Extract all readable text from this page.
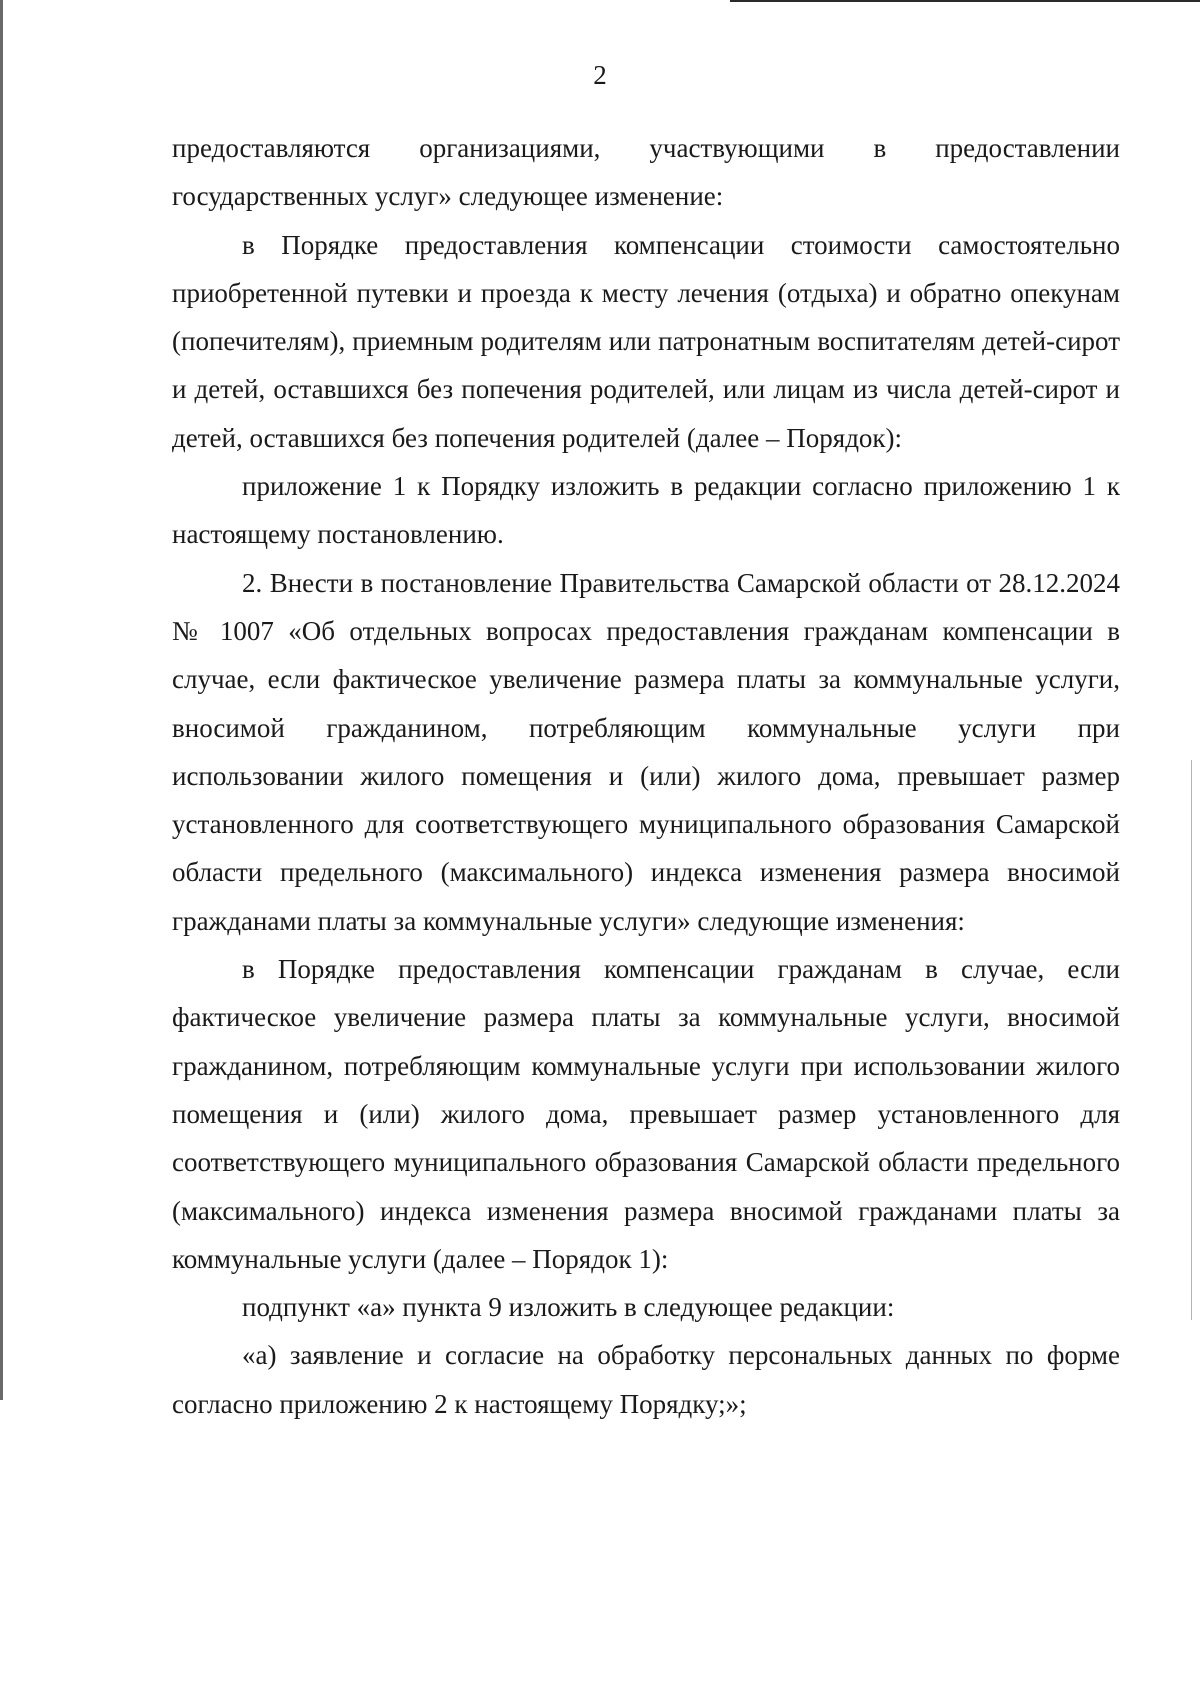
2

предоставляются организациями, участвующими в предоставлении государственных услуг» следующее изменение:

в Порядке предоставления компенсации стоимости самостоятельно приобретенной путевки и проезда к месту лечения (отдыха) и обратно опекунам (попечителям), приемным родителям или патронатным воспитателям детей-сирот и детей, оставшихся без попечения родителей, или лицам из числа детей-сирот и детей, оставшихся без попечения родителей (далее – Порядок):

приложение 1 к Порядку изложить в редакции согласно приложению 1 к настоящему постановлению.

2. Внести в постановление Правительства Самарской области от 28.12.2024 № 1007 «Об отдельных вопросах предоставления гражданам компенсации в случае, если фактическое увеличение размера платы за коммунальные услуги, вносимой гражданином, потребляющим коммунальные услуги при использовании жилого помещения и (или) жилого дома, превышает размер установленного для соответствующего муниципального образования Самарской области предельного (максимального) индекса изменения размера вносимой гражданами платы за коммунальные услуги» следующие изменения:

в Порядке предоставления компенсации гражданам в случае, если фактическое увеличение размера платы за коммунальные услуги, вносимой гражданином, потребляющим коммунальные услуги при использовании жилого помещения и (или) жилого дома, превышает размер установленного для соответствующего муниципального образования Самарской области предельного (максимального) индекса изменения размера вносимой гражданами платы за коммунальные услуги (далее – Порядок 1):

подпункт «а» пункта 9 изложить в следующее редакции:

«а) заявление и согласие на обработку персональных данных по форме согласно приложению 2 к настоящему Порядку;»;
